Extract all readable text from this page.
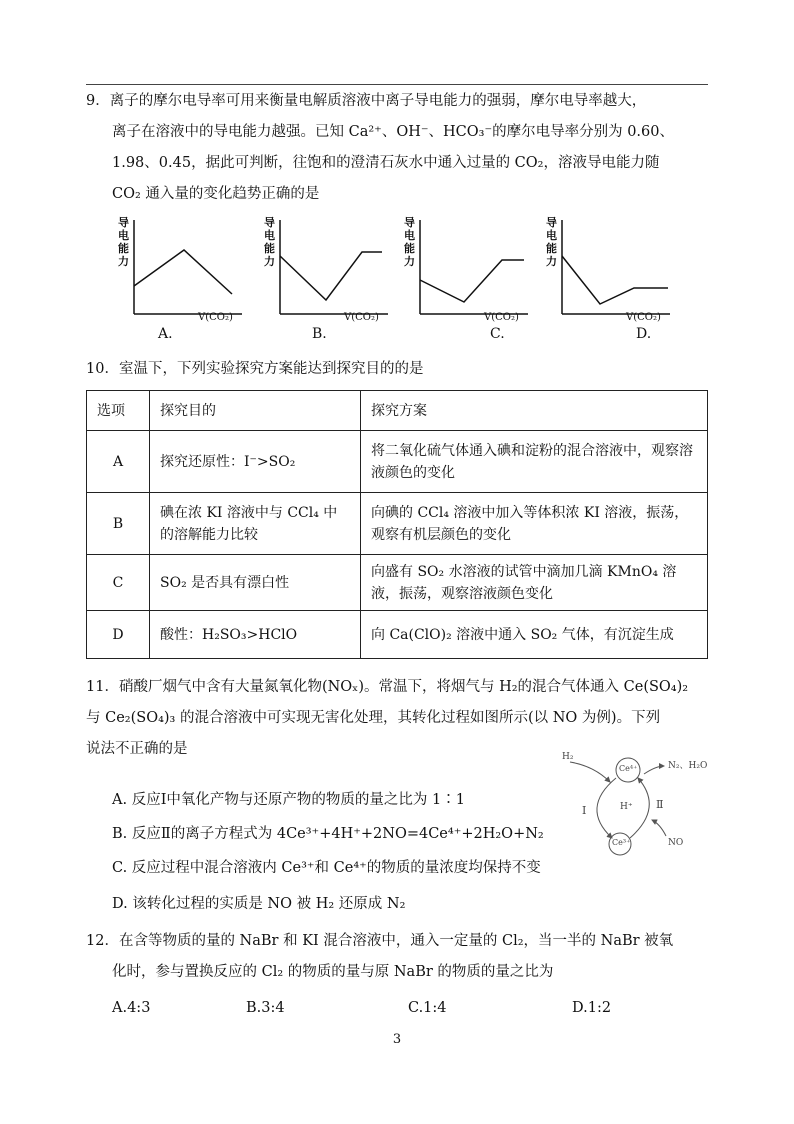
9．离子的摩尔电导率可用来衡量电解质溶液中离子导电能力的强弱，摩尔电导率越大，
离子在溶液中的导电能力越强。已知 Ca²⁺、OH⁻、HCO₃⁻的摩尔电导率分别为 0.60、
1.98、0.45，据此可判断，往饱和的澄清石灰水中通入过量的 CO₂，溶液导电能力随
CO₂ 通入量的变化趋势正确的是
导电能力
V(CO₂)
A.
导电能力
V(CO₂)
B.
导电能力
V(CO₂)
C.
导电能力
V(CO₂)
D.
10．室温下，下列实验探究方案能达到探究目的的是
选项	探究目的	探究方案
A	探究还原性：I⁻>SO₂	将二氧化硫气体通入碘和淀粉的混合溶液中，观察溶液颜色的变化
B	碘在浓 KI 溶液中与 CCl₄ 中的溶解能力比较	向碘的 CCl₄ 溶液中加入等体积浓 KI 溶液，振荡，观察有机层颜色的变化
C	SO₂ 是否具有漂白性	向盛有 SO₂ 水溶液的试管中滴加几滴 KMnO₄ 溶液，振荡，观察溶液颜色变化
D	酸性：H₂SO₃>HClO	向 Ca(ClO)₂ 溶液中通入 SO₂ 气体，有沉淀生成
11．硝酸厂烟气中含有大量氮氧化物(NOₓ)。常温下，将烟气与 H₂的混合气体通入 Ce(SO₄)₂
与 Ce₂(SO₄)₃ 的混合溶液中可实现无害化处理，其转化过程如图所示(以 NO 为例)。下列
说法不正确的是
A. 反应Ⅰ中氧化产物与还原产物的物质的量之比为 1∶1
B. 反应Ⅱ的离子方程式为 4Ce³⁺+4H⁺+2NO=4Ce⁴⁺+2H₂O+N₂
C. 反应过程中混合溶液内 Ce³⁺和 Ce⁴⁺的物质的量浓度均保持不变
D. 该转化过程的实质是 NO 被 H₂ 还原成 N₂
H₂
Ce⁴⁺
Ce³⁺
H⁺
N₂、H₂O
NO
Ⅰ	Ⅱ
12．在含等物质的量的 NaBr 和 KI 混合溶液中，通入一定量的 Cl₂，当一半的 NaBr 被氧
化时，参与置换反应的 Cl₂ 的物质的量与原 NaBr 的物质的量之比为
A.4:3	B.3:4	C.1:4	D.1:2
3
